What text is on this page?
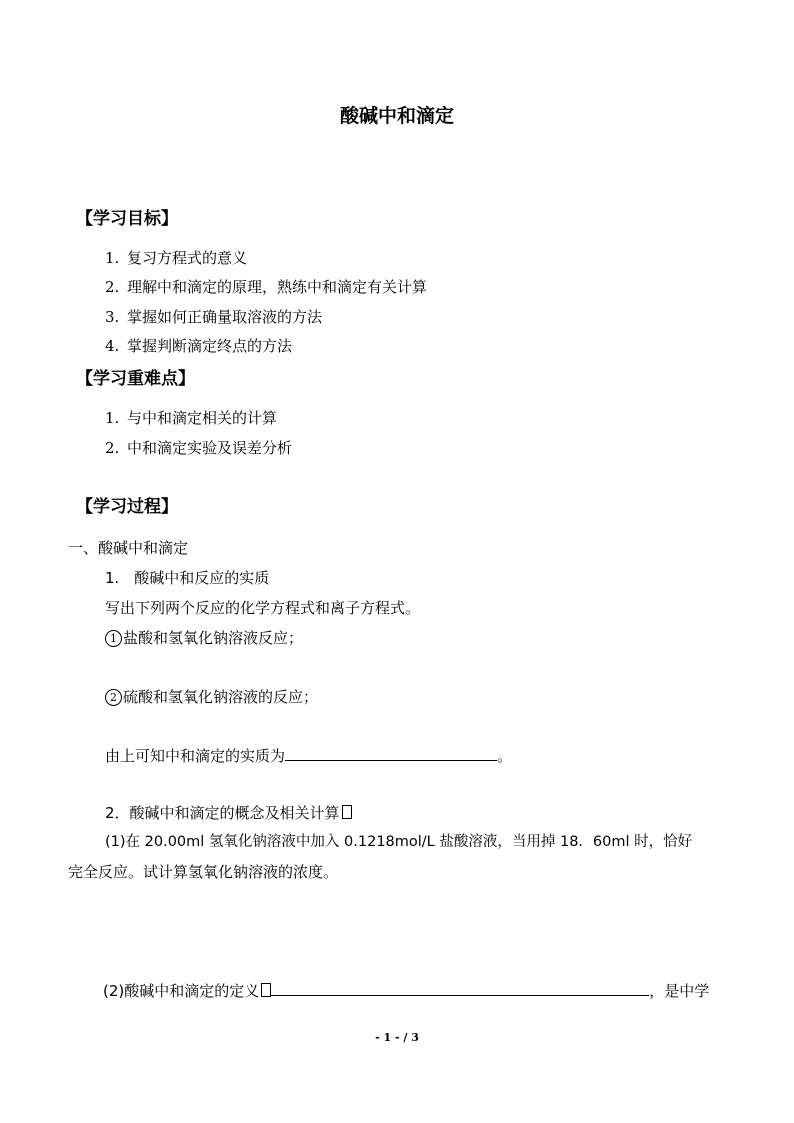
酸碱中和滴定
【学习目标】
1. 复习方程式的意义
2. 理解中和滴定的原理，熟练中和滴定有关计算
3. 掌握如何正确量取溶液的方法
4. 掌握判断滴定终点的方法
【学习重难点】
1. 与中和滴定相关的计算
2. 中和滴定实验及误差分析
【学习过程】
一、酸碱中和滴定
1.　酸碱中和反应的实质
写出下列两个反应的化学方程式和离子方程式。
1 盐酸和氢氧化钠溶液反应；
2 硫酸和氢氧化钠溶液的反应；
由上可知中和滴定的实质为	。
2．酸碱中和滴定的概念及相关计算
(1)在 20.00ml 氢氧化钠溶液中加入 0.1218mol/L 盐酸溶液，当用掉 18．60ml 时，恰好
完全反应。试计算氢氧化钠溶液的浓度。
(2)酸碱中和滴定的定义	，是中学
- 1 - / 3
